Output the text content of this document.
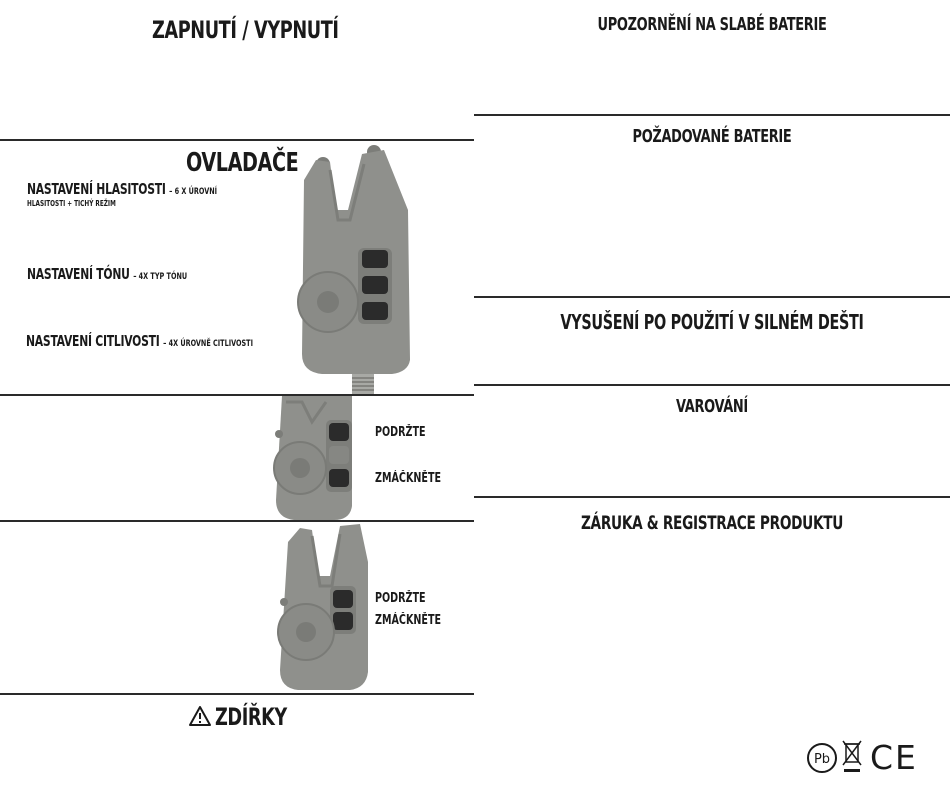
ZAPNUTÍ / VYPNUTÍ
OVLADAČE
NASTAVENÍ HLASITOSTI – 6 X ÚROVNÍ
HLASITOSTI + TICHÝ REŽIM
NASTAVENÍ TÓNU – 4X TYP TÓNU
NASTAVENÍ CITLIVOSTI – 4X ÚROVNĚ CITLIVOSTI
PODRŽTE
ZMÁČKNĚTE
PODRŽTE
ZMÁČKNĚTE
ZDÍŘKY
UPOZORNĚNÍ NA SLABÉ BATERIE
POŽADOVANÉ BATERIE
VYSUŠENÍ PO POUŽITÍ V SILNÉM DEŠTI
VAROVÁNÍ
ZÁRUKA & REGISTRACE PRODUKTU
Pb CE
